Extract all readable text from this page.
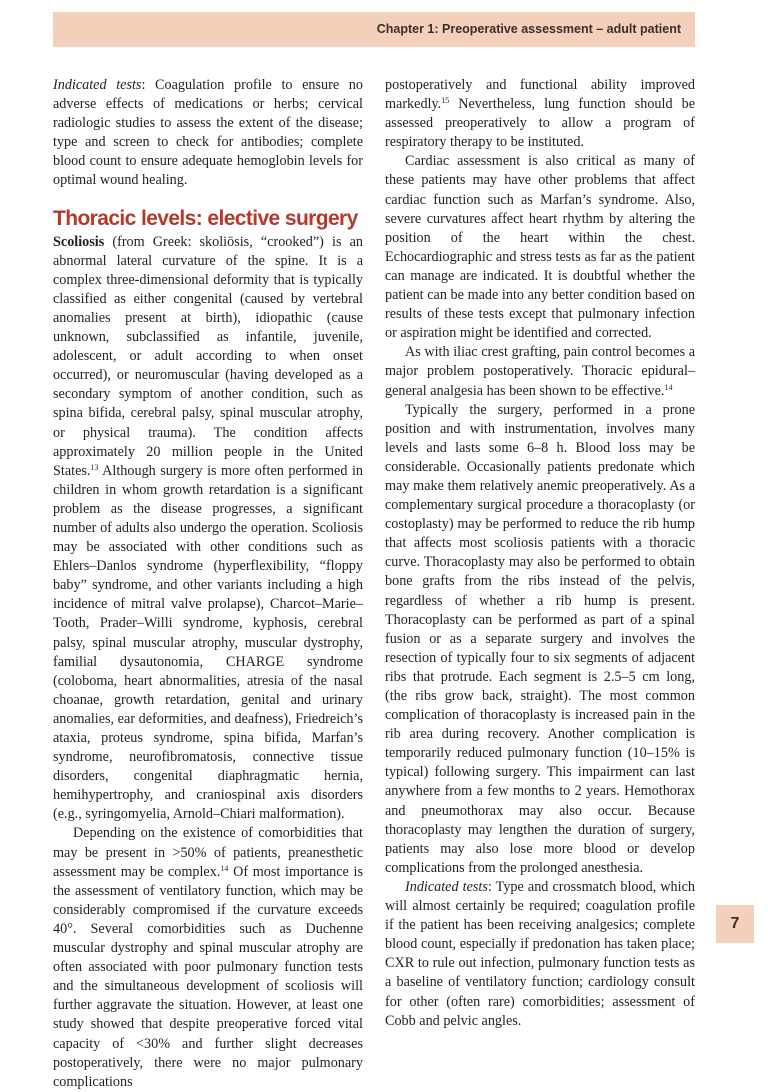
Chapter 1: Preoperative assessment – adult patient

Indicated tests: Coagulation profile to ensure no adverse effects of medications or herbs; cervical radiologic studies to assess the extent of the disease; type and screen to check for antibodies; complete blood count to ensure adequate hemoglobin levels for optimal wound healing.

Thoracic levels: elective surgery

Scoliosis (from Greek: skoliōsis, “crooked”) is an abnormal lateral curvature of the spine. It is a complex three-dimensional deformity that is typically classified as either congenital (caused by vertebral anomalies present at birth), idiopathic (cause unknown, subclassified as infantile, juvenile, adolescent, or adult according to when onset occurred), or neuromuscular (having developed as a secondary symptom of another condition, such as spina bifida, cerebral palsy, spinal muscular atrophy, or physical trauma). The condition affects approximately 20 million people in the United States.$^{13}$ Although surgery is more often performed in children in whom growth retardation is a significant problem as the disease progresses, a significant number of adults also undergo the operation. Scoliosis may be associated with other conditions such as Ehlers–Danlos syndrome (hyperflexibility, “floppy baby” syndrome, and other variants including a high incidence of mitral valve prolapse), Charcot–Marie–Tooth, Prader–Willi syndrome, kyphosis, cerebral palsy, spinal muscular atrophy, muscular dystrophy, familial dysautonomia, CHARGE syndrome (coloboma, heart abnormalities, atresia of the nasal choanae, growth retardation, genital and urinary anomalies, ear deformities, and deafness), Friedreich’s ataxia, proteus syndrome, spina bifida, Marfan’s syndrome, neurofibromatosis, connective tissue disorders, congenital diaphragmatic hernia, hemihypertrophy, and craniospinal axis disorders (e.g., syringomyelia, Arnold–Chiari malformation).

Depending on the existence of comorbidities that may be present in >50% of patients, preanesthetic assessment may be complex.$^{14}$ Of most importance is the assessment of ventilatory function, which may be considerably compromised if the curvature exceeds 40°. Several comorbidities such as Duchenne muscular dystrophy and spinal muscular atrophy are often associated with poor pulmonary function tests and the simultaneous development of scoliosis will further aggravate the situation. However, at least one study showed that despite preoperative forced vital capacity of <30% and further slight decreases postoperatively, there were no major pulmonary complications

postoperatively and functional ability improved markedly.$^{15}$ Nevertheless, lung function should be assessed preoperatively to allow a program of respiratory therapy to be instituted.

Cardiac assessment is also critical as many of these patients may have other problems that affect cardiac function such as Marfan’s syndrome. Also, severe curvatures affect heart rhythm by altering the position of the heart within the chest. Echocardiographic and stress tests as far as the patient can manage are indicated. It is doubtful whether the patient can be made into any better condition based on results of these tests except that pulmonary infection or aspiration might be identified and corrected.

As with iliac crest grafting, pain control becomes a major problem postoperatively. Thoracic epidural–general analgesia has been shown to be effective.$^{14}$

Typically the surgery, performed in a prone position and with instrumentation, involves many levels and lasts some 6–8 h. Blood loss may be considerable. Occasionally patients predonate which may make them relatively anemic preoperatively. As a complementary surgical procedure a thoracoplasty (or costoplasty) may be performed to reduce the rib hump that affects most scoliosis patients with a thoracic curve. Thoracoplasty may also be performed to obtain bone grafts from the ribs instead of the pelvis, regardless of whether a rib hump is present. Thoracoplasty can be performed as part of a spinal fusion or as a separate surgery and involves the resection of typically four to six segments of adjacent ribs that protrude. Each segment is 2.5–5 cm long, (the ribs grow back, straight). The most common complication of thoracoplasty is increased pain in the rib area during recovery. Another complication is temporarily reduced pulmonary function (10–15% is typical) following surgery. This impairment can last anywhere from a few months to 2 years. Hemothorax and pneumothorax may also occur. Because thoracoplasty may lengthen the duration of surgery, patients may also lose more blood or develop complications from the prolonged anesthesia.

Indicated tests: Type and crossmatch blood, which will almost certainly be required; coagulation profile if the patient has been receiving analgesics; complete blood count, especially if predonation has taken place; CXR to rule out infection, pulmonary function tests as a baseline of ventilatory function; cardiology consult for other (often rare) comorbidities; assessment of Cobb and pelvic angles.

7
